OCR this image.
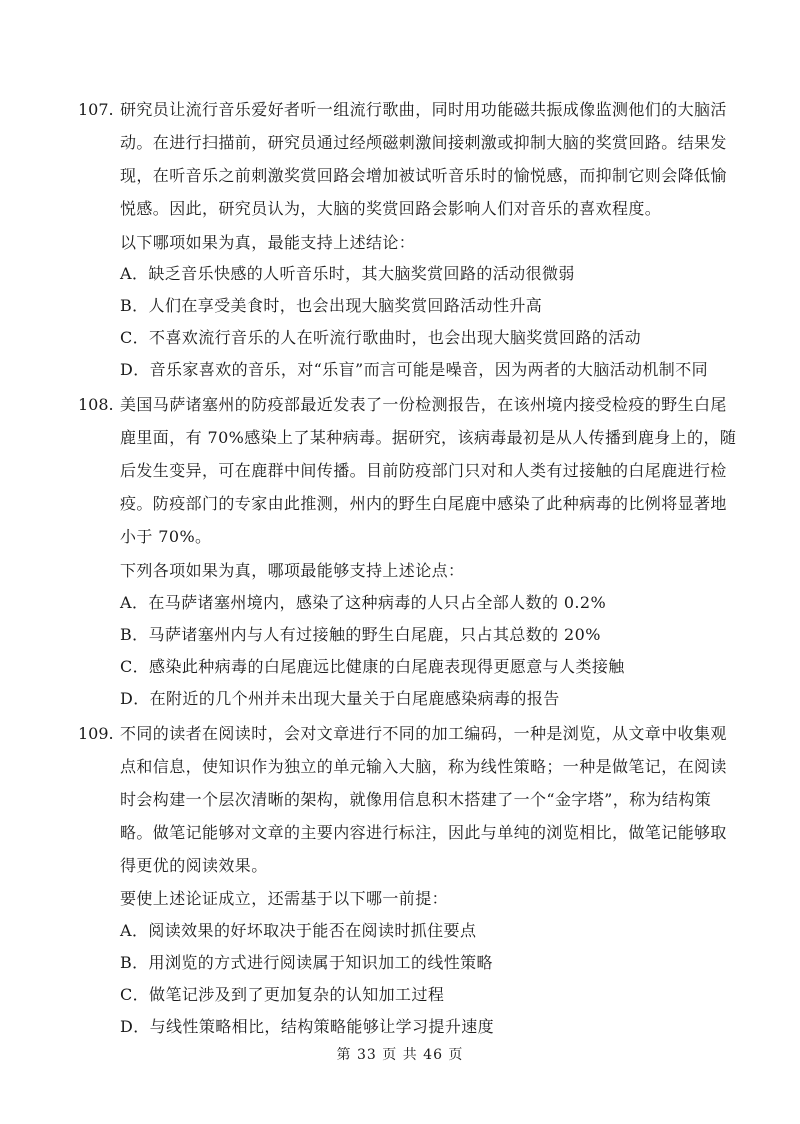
107. 研究员让流行音乐爱好者听一组流行歌曲，同时用功能磁共振成像监测他们的大脑活
动。在进行扫描前，研究员通过经颅磁刺激间接刺激或抑制大脑的奖赏回路。结果发
现，在听音乐之前刺激奖赏回路会增加被试听音乐时的愉悦感，而抑制它则会降低愉
悦感。因此，研究员认为，大脑的奖赏回路会影响人们对音乐的喜欢程度。
以下哪项如果为真，最能支持上述结论：
A．缺乏音乐快感的人听音乐时，其大脑奖赏回路的活动很微弱
B．人们在享受美食时，也会出现大脑奖赏回路活动性升高
C．不喜欢流行音乐的人在听流行歌曲时，也会出现大脑奖赏回路的活动
D．音乐家喜欢的音乐，对“乐盲”而言可能是噪音，因为两者的大脑活动机制不同
108. 美国马萨诸塞州的防疫部最近发表了一份检测报告，在该州境内接受检疫的野生白尾
鹿里面，有 70%感染上了某种病毒。据研究，该病毒最初是从人传播到鹿身上的，随
后发生变异，可在鹿群中间传播。目前防疫部门只对和人类有过接触的白尾鹿进行检
疫。防疫部门的专家由此推测，州内的野生白尾鹿中感染了此种病毒的比例将显著地
小于 70%。
下列各项如果为真，哪项最能够支持上述论点：
A．在马萨诸塞州境内，感染了这种病毒的人只占全部人数的 0.2%
B．马萨诸塞州内与人有过接触的野生白尾鹿，只占其总数的 20%
C．感染此种病毒的白尾鹿远比健康的白尾鹿表现得更愿意与人类接触
D．在附近的几个州并未出现大量关于白尾鹿感染病毒的报告
109. 不同的读者在阅读时，会对文章进行不同的加工编码，一种是浏览，从文章中收集观
点和信息，使知识作为独立的单元输入大脑，称为线性策略；一种是做笔记，在阅读
时会构建一个层次清晰的架构，就像用信息积木搭建了一个“金字塔”，称为结构策
略。做笔记能够对文章的主要内容进行标注，因此与单纯的浏览相比，做笔记能够取
得更优的阅读效果。
要使上述论证成立，还需基于以下哪一前提：
A．阅读效果的好坏取决于能否在阅读时抓住要点
B．用浏览的方式进行阅读属于知识加工的线性策略
C．做笔记涉及到了更加复杂的认知加工过程
D．与线性策略相比，结构策略能够让学习提升速度
第 33 页 共 46 页
